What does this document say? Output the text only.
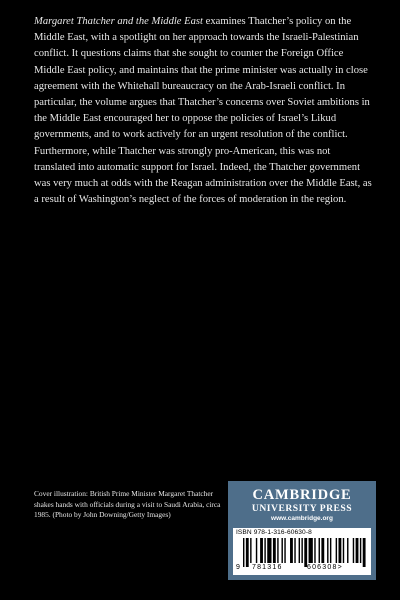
Margaret Thatcher and the Middle East examines Thatcher’s policy on the Middle East, with a spotlight on her approach towards the Israeli-Palestinian conflict. It questions claims that she sought to counter the Foreign Office Middle East policy, and maintains that the prime minister was actually in close agreement with the Whitehall bureaucracy on the Arab-Israeli conflict. In particular, the volume argues that Thatcher’s concerns over Soviet ambitions in the Middle East encouraged her to oppose the policies of Israel’s Likud governments, and to work actively for an urgent resolution of the conflict. Furthermore, while Thatcher was strongly pro-American, this was not translated into automatic support for Israel. Indeed, the Thatcher government was very much at odds with the Reagan administration over the Middle East, as a result of Washington’s neglect of the forces of moderation in the region.

Cover illustration: British Prime Minister Margaret Thatcher shakes hands with officials during a visit to Saudi Arabia, circa 1985. (Photo by John Downing/Getty Images)

CAMBRIDGE
UNIVERSITY PRESS
www.cambridge.org
ISBN 978-1-316-60630-8
9 781316	606308>
